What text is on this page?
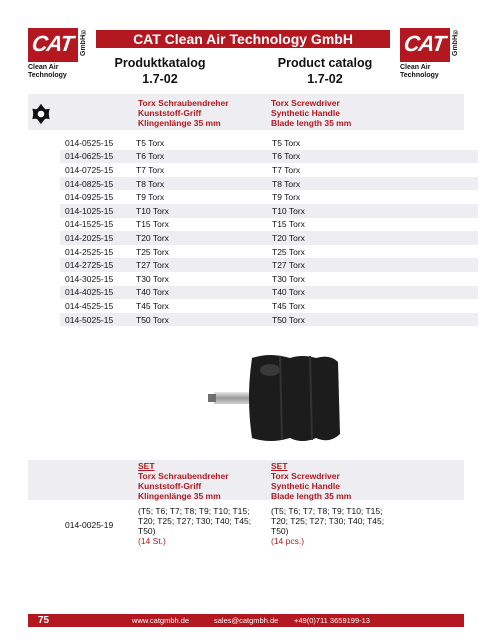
CAT GmbH®
Clean Air
Technology
CAT GmbH®
Clean Air
Technology
CAT Clean Air Technology GmbH
Produktkatalog
1.7-02
Product catalog
1.7-02
Torx Schraubendreher
Kunststoff-Griff
Klingenlänge 35 mm
Torx Screwdriver
Synthetic Handle
Blade length 35 mm
014-0525-15	T5 Torx	T5 Torx
014-0625-15	T6 Torx	T6 Torx
014-0725-15	T7 Torx	T7 Torx
014-0825-15	T8 Torx	T8 Torx
014-0925-15	T9 Torx	T9 Torx
014-1025-15	T10 Torx	T10 Torx
014-1525-15	T15 Torx	T15 Torx
014-2025-15	T20 Torx	T20 Torx
014-2525-15	T25 Torx	T25 Torx
014-2725-15	T27 Torx	T27 Torx
014-3025-15	T30 Torx	T30 Torx
014-4025-15	T40 Torx	T40 Torx
014-4525-15	T45 Torx	T45 Torx
014-5025-15	T50 Torx	T50 Torx
SET
Torx Schraubendreher
Kunststoff-Griff
Klingenlänge 35 mm
SET
Torx Screwdriver
Synthetic Handle
Blade length 35 mm
014-0025-19
(T5; T6; T7; T8; T9; T10; T15;
T20; T25; T27; T30; T40; T45;
T50)
(14 St.)
(T5; T6; T7; T8; T9; T10; T15;
T20; T25; T27; T30; T40; T45;
T50)
(14 pcs.)
75	www.catgmbh.de	sales@catgmbh.de +49(0)711 3659199-13
